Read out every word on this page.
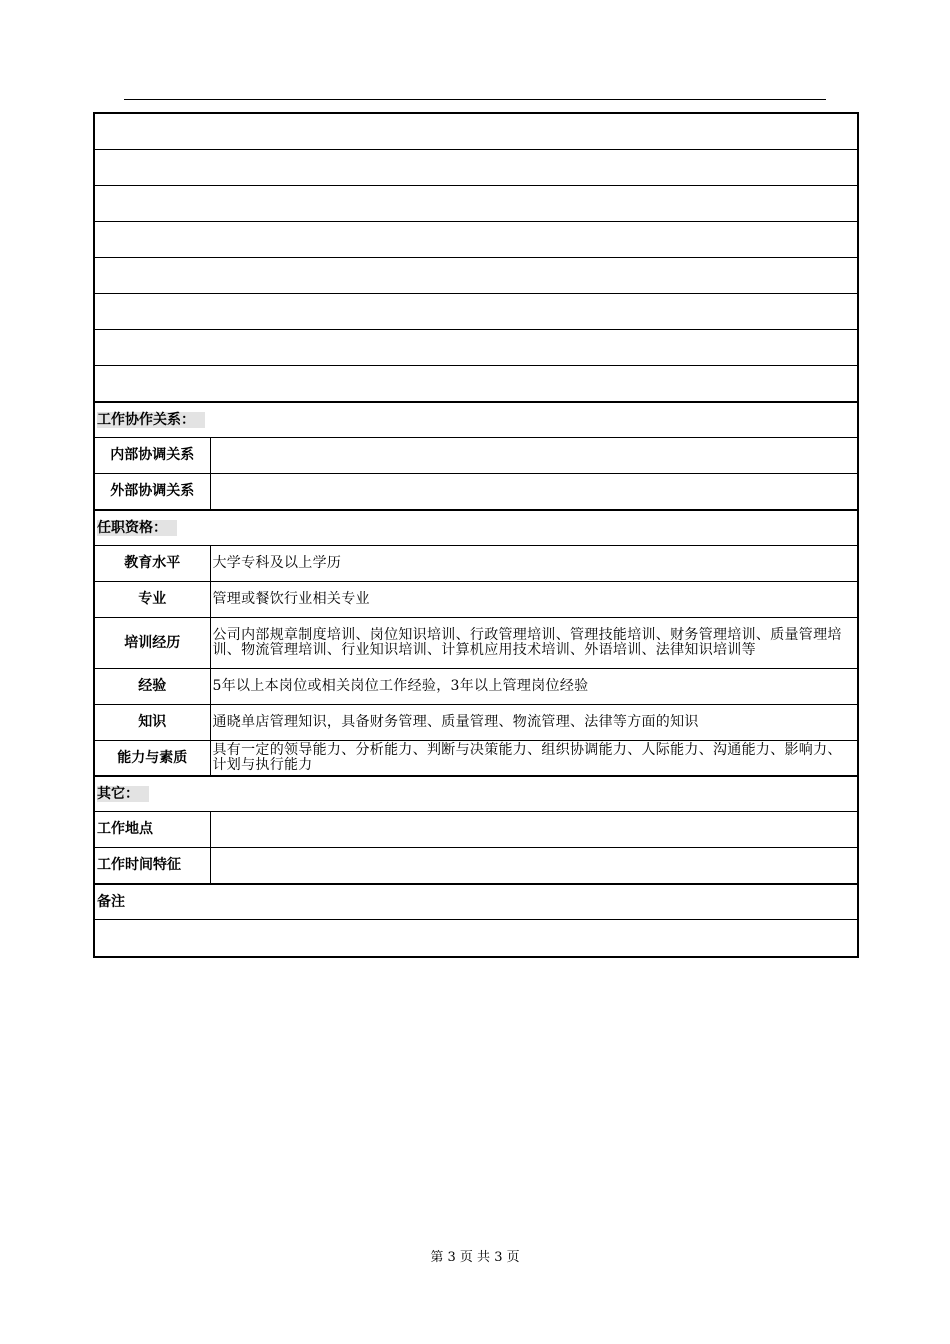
工作协作关系：	
内部协调关系	
外部协调关系	
任职资格：	
教育水平	大学专科及以上学历
专业	管理或餐饮行业相关专业
培训经历	公司内部规章制度培训、岗位知识培训、行政管理培训、管理技能培训、财务管理培训、质量管理培训、物流管理培训、行业知识培训、计算机应用技术培训、外语培训、法律知识培训等
经验	5年以上本岗位或相关岗位工作经验，3年以上管理岗位经验
知识	通晓单店管理知识，具备财务管理、质量管理、物流管理、法律等方面的知识
能力与素质	具有一定的领导能力、分析能力、判断与决策能力、组织协调能力、人际能力、沟通能力、影响力、计划与执行能力
其它：	
工作地点	
工作时间特征	
备注	

第 3 页 共 3 页
